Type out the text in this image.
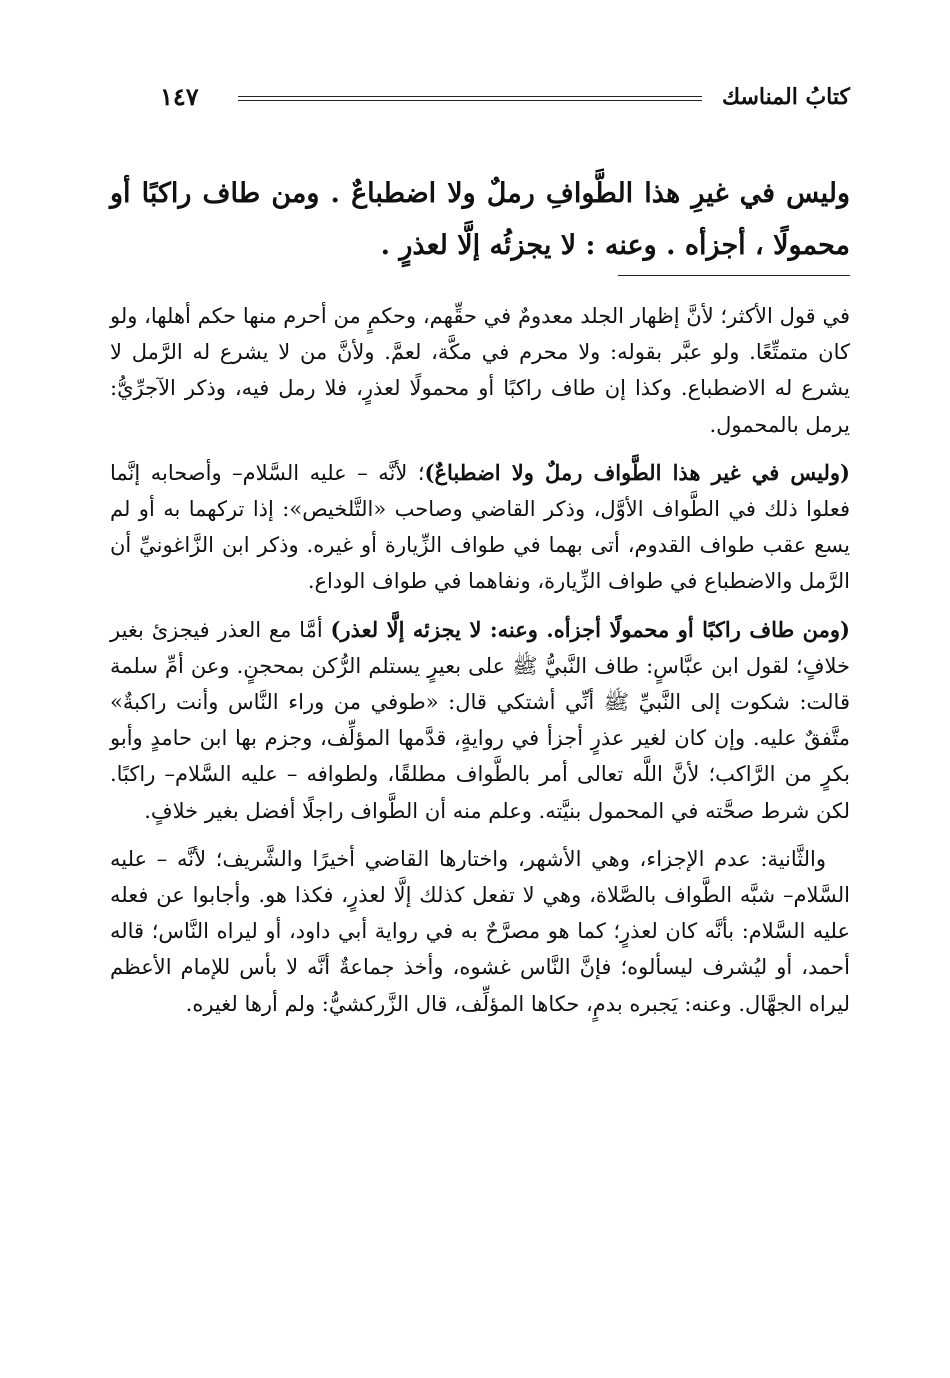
كتابُ المناسك
١٤٧
وليس في غيرِ هذا الطَّوافِ رملٌ ولا اضطباعٌ . ومن طاف راكبًا أو محمولًا ، أجزأه . وعنه : لا يجزئُه إلَّا لعذرٍ .

في قول الأكثر؛ لأنَّ إظهار الجلد معدومٌ في حقِّهم، وحكمٍ من أحرم منها حكم أهلها، ولو كان متمتِّعًا. ولو عبَّر بقوله: ولا محرم في مكَّة، لعمَّ. ولأنَّ من لا يشرع له الرَّمل لا يشرع له الاضطباع. وكذا إن طاف راكبًا أو محمولًا لعذرٍ، فلا رمل فيه، وذكر الآجرِّيُّ: يرمل بالمحمول.

(وليس في غير هذا الطَّواف رملٌ ولا اضطباعٌ)؛ لأنَّه – عليه السَّلام– وأصحابه إنَّما فعلوا ذلك في الطَّواف الأوَّل، وذكر القاضي وصاحب «التَّلخيص»: إذا تركهما به أو لم يسع عقب طواف القدوم، أتى بهما في طواف الزِّيارة أو غيره. وذكر ابن الزَّاغونيِّ أن الرَّمل والاضطباع في طواف الزِّيارة، ونفاهما في طواف الوداع.

(ومن طاف راكبًا أو محمولًا أجزأه. وعنه: لا يجزئه إلَّا لعذر) أمَّا مع العذر فيجزئ بغير خلافٍ؛ لقول ابن عبَّاسٍ: طاف النَّبيُّ ﷺ على بعيرٍ يستلم الرُّكن بمحجنٍ. وعن أمِّ سلمة قالت: شكوت إلى النَّبيِّ ﷺ أنِّي أشتكي قال: «طوفي من وراء النَّاس وأنت راكبةٌ» متَّفقٌ عليه. وإن كان لغير عذرٍ أجزأ في روايةٍ، قدَّمها المؤلِّف، وجزم بها ابن حامدٍ وأبو بكرٍ من الرَّاكب؛ لأنَّ اللَّه تعالى أمر بالطَّواف مطلقًا، ولطوافه – عليه السَّلام– راكبًا. لكن شرط صحَّته في المحمول بنيَّته. وعلم منه أن الطَّواف راجلًا أفضل بغير خلافٍ.

والثَّانية: عدم الإجزاء، وهي الأشهر، واختارها القاضي أخيرًا والشَّريف؛ لأنَّه – عليه السَّلام– شبَّه الطَّواف بالصَّلاة، وهي لا تفعل كذلك إلَّا لعذرٍ، فكذا هو. وأجابوا عن فعله عليه السَّلام: بأنَّه كان لعذرٍ؛ كما هو مصرَّحٌ به في رواية أبي داود، أو ليراه النَّاس؛ قاله أحمد، أو ليُشرف ليسألوه؛ فإنَّ النَّاس غشوه، وأخذ جماعةٌ أنَّه لا بأس للإمام الأعظم ليراه الجهَّال. وعنه: يَجبره بدمٍ، حكاها المؤلِّف، قال الزَّركشيُّ: ولم أرها لغيره.
